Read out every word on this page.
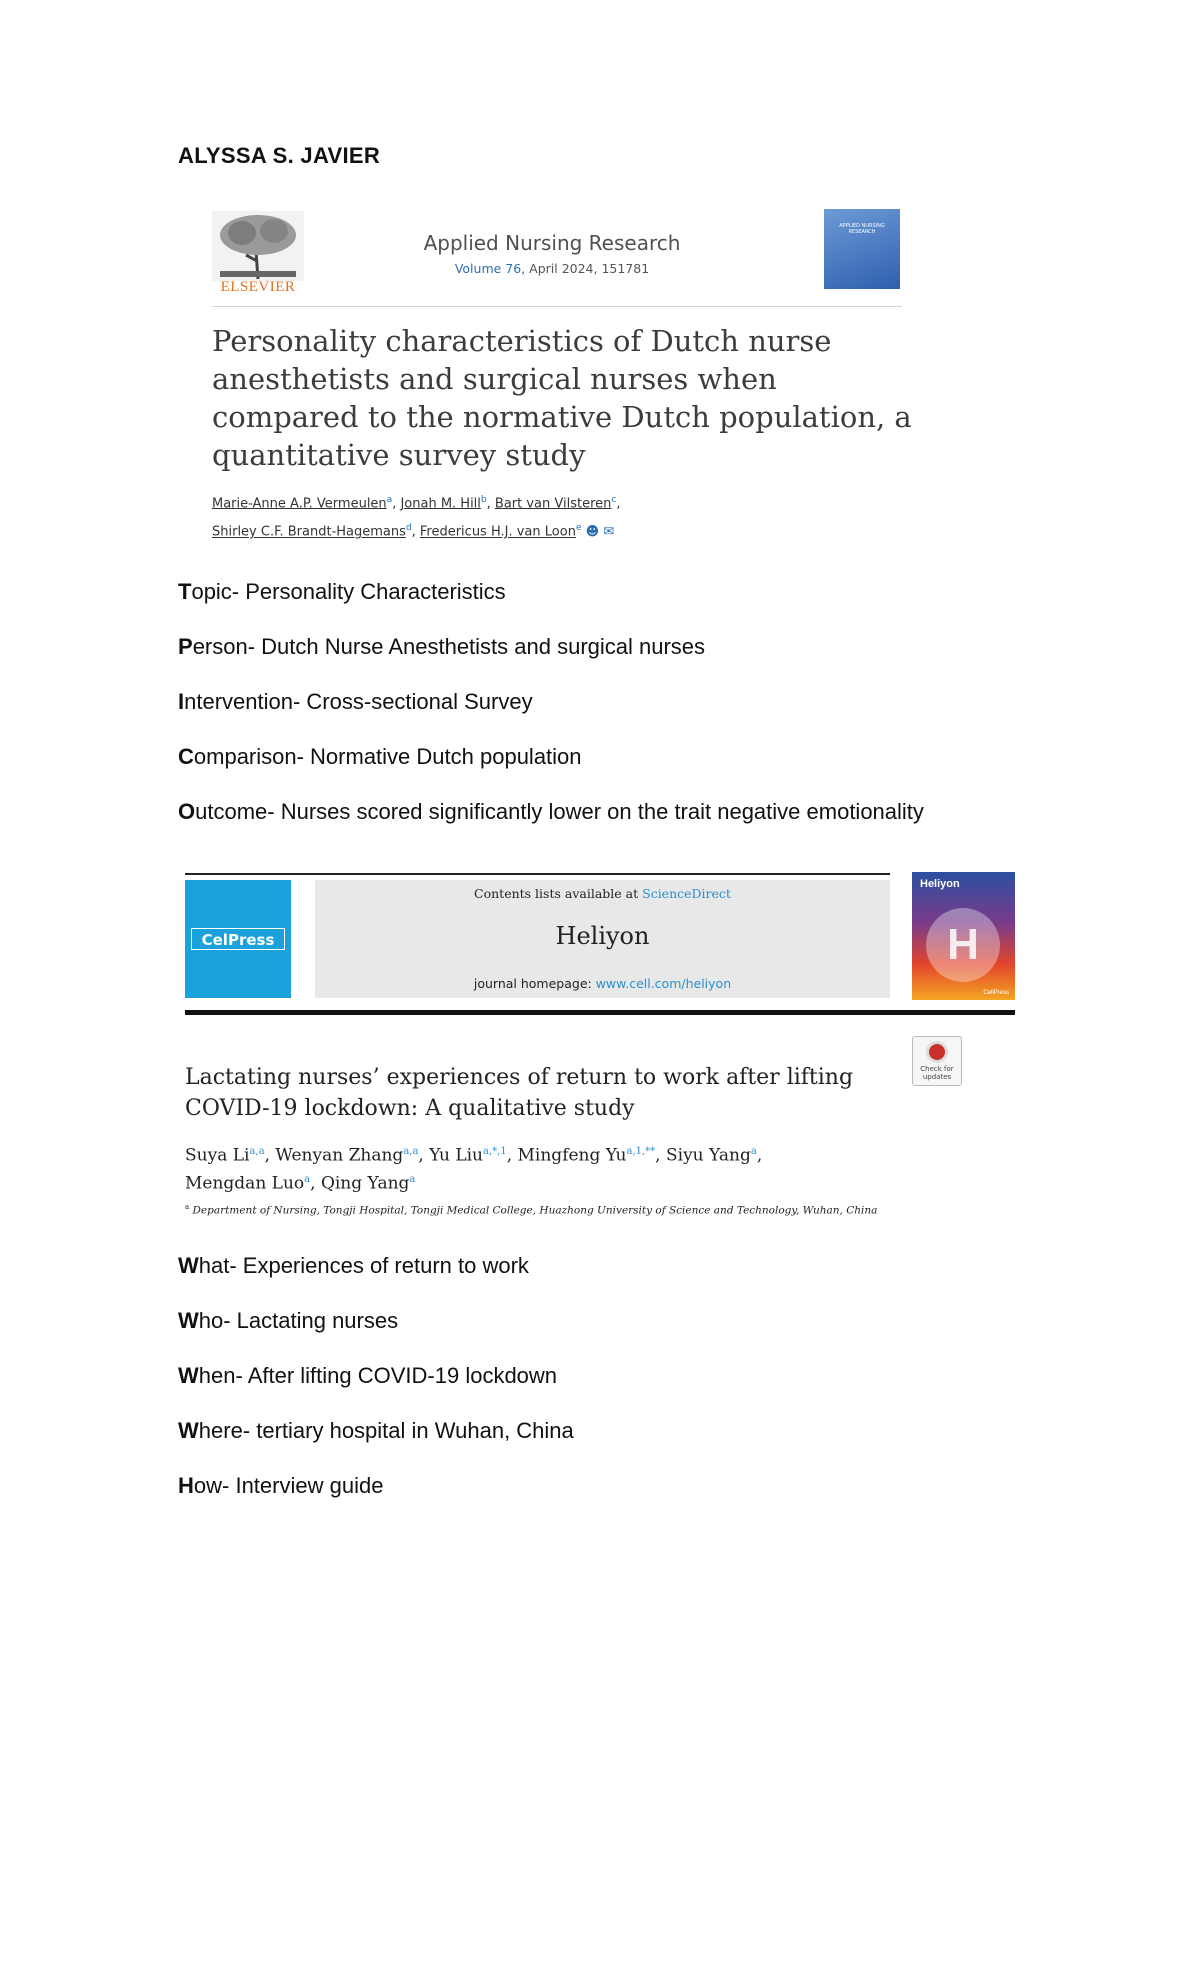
ALYSSA S. JAVIER
ELSEVIER
Applied Nursing Research
Volume 76, April 2024, 151781
APPLIED NURSING RESEARCH
Personality characteristics of Dutch nurse anesthetists and surgical nurses when compared to the normative Dutch population, a quantitative survey study
Marie-Anne A.P. Vermeulen$^a$, Jonah M. Hill$^b$, Bart van Vilsteren$^c$,
Shirley C.F. Brandt-Hagemans$^d$, Fredericus H.J. van Loon$^e$ ☻ ✉
Topic- Personality Characteristics
Person- Dutch Nurse Anesthetists and surgical nurses
Intervention- Cross-sectional Survey
Comparison- Normative Dutch population
Outcome- Nurses scored significantly lower on the trait negative emotionality
CelPress
Contents lists available at ScienceDirect
Heliyon
journal homepage: www.cell.com/heliyon
Heliyon
H
CellPress
Check for updates
Lactating nurses’ experiences of return to work after lifting
COVID-19 lockdown: A qualitative study
Suya Li$^{a,a}$, Wenyan Zhang$^{a,a}$, Yu Liu$^{a,*,1}$, Mingfeng $Yu^{a,1,**}$, Siyu Yang$^a$,
Mengdan Luo$^a$, Qing Yang$^a$
$^a$ Department of Nursing, Tongji Hospital, Tongji Medical College, Huazhong University of Science and Technology, Wuhan, China
What- Experiences of return to work
Who- Lactating nurses
When- After lifting COVID-19 lockdown
Where- tertiary hospital in Wuhan, China
How- Interview guide
